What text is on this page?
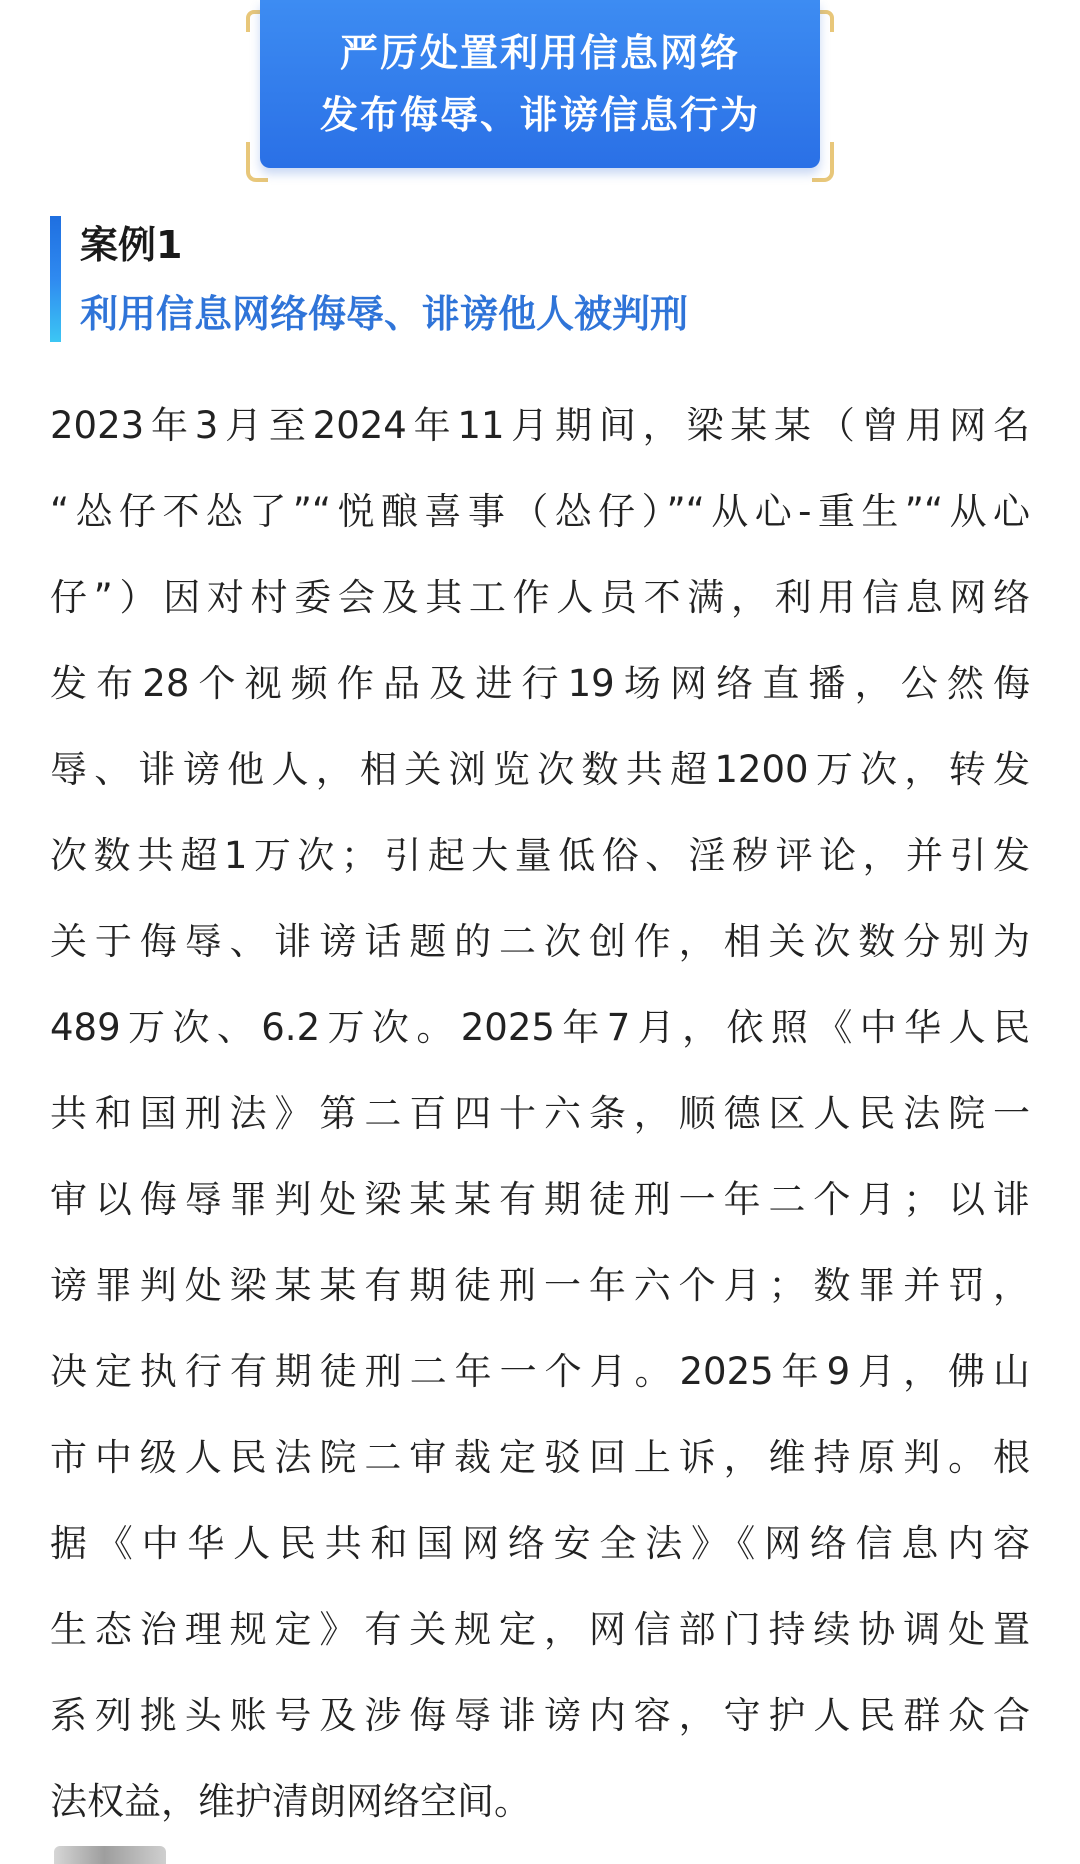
严厉处置利用信息网络
发布侮辱、诽谤信息行为
案例1
利用信息网络侮辱、诽谤他人被判刑
2023年3月至2024年11月期间，梁某某（曾用网名
“怂仔不怂了”“悦酿喜事（怂仔）”“从心-重生”“从心
仔”）因对村委会及其工作人员不满，利用信息网络
发布28个视频作品及进行19场网络直播，公然侮
辱、诽谤他人，相关浏览次数共超1200万次，转发
次数共超1万次；引起大量低俗、淫秽评论，并引发
关于侮辱、诽谤话题的二次创作，相关次数分别为
489万次、6.2万次。2025年7月，依照《中华人民
共和国刑法》第二百四十六条，顺德区人民法院一
审以侮辱罪判处梁某某有期徒刑一年二个月；以诽
谤罪判处梁某某有期徒刑一年六个月；数罪并罚，
决定执行有期徒刑二年一个月。2025年9月，佛山
市中级人民法院二审裁定驳回上诉，维持原判。根
据《中华人民共和国网络安全法》《网络信息内容
生态治理规定》有关规定，网信部门持续协调处置
系列挑头账号及涉侮辱诽谤内容，守护人民群众合
法权益，维护清朗网络空间。
